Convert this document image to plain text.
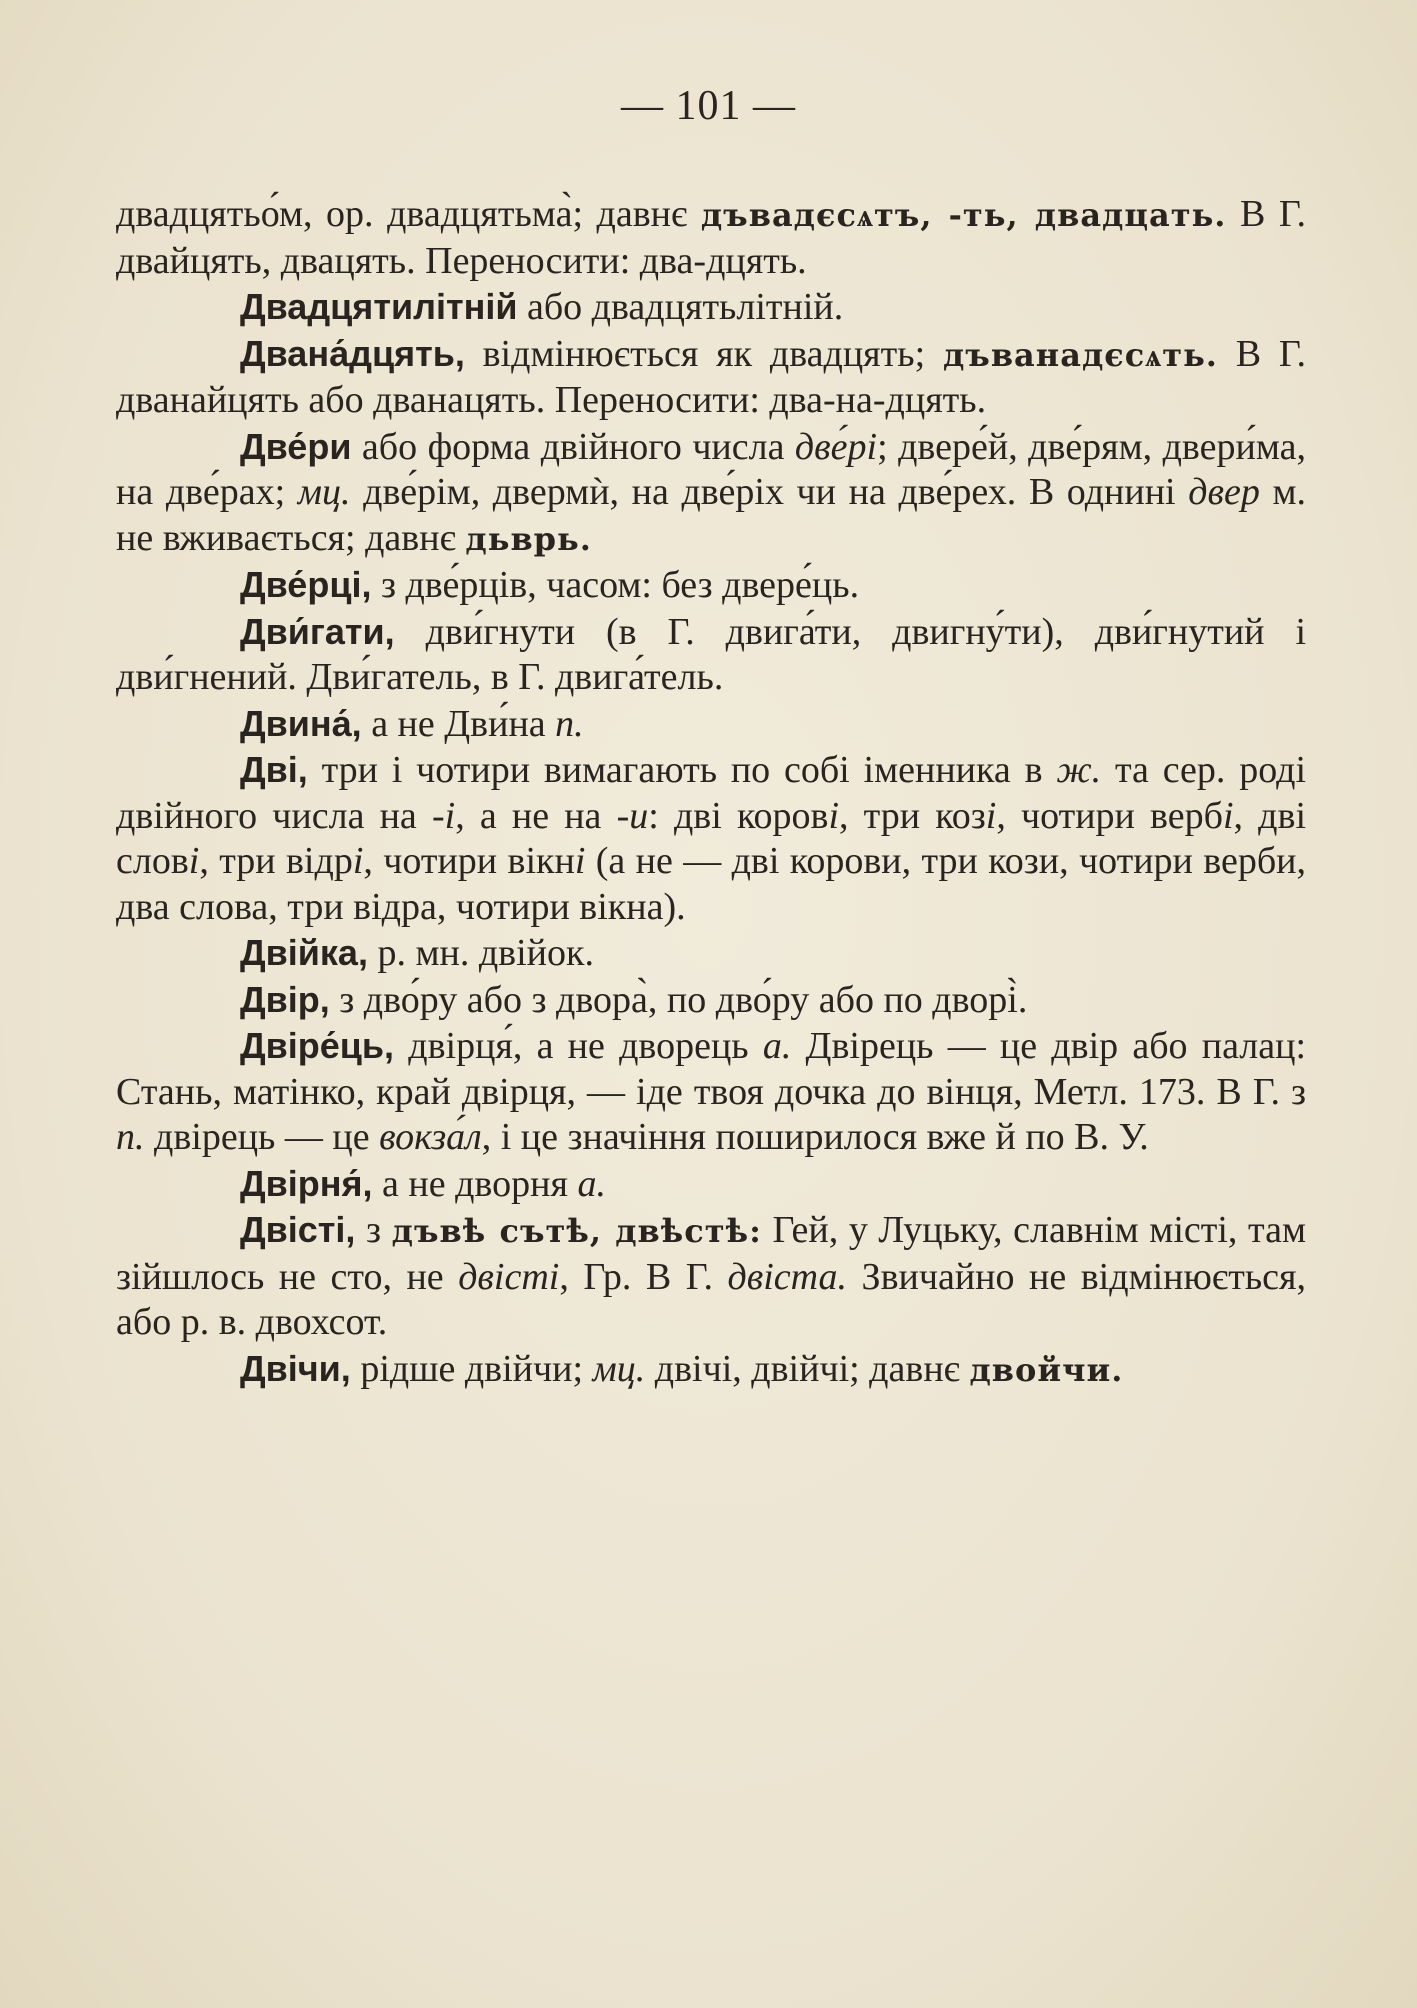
— 101 —

двадцятьо́м, ор. двадцятьма̀; давнє дъвадєсѧтъ, -ть, двадцать. В Г. двайцять, двацять. Переносити: два-дцять.

Двадцятилітній або двадцятьлітній.

Двана́дцять, відмінюється як двадцять; дъванадєсѧть. В Г. дванайцять або дванацять. Переносити: два-на-дцять.

Две́ри або форма двійного числа две́рі; двере́й, две́рям, двери́ма, на две́рах; мц. две́рім, двермѝ, на две́ріх чи на две́рех. В однині двер м. не вживається; давнє дьврь.

Две́рці, з две́рців, часом: без двере́ць.

Дви́гати, дви́гнути (в Г. двига́ти, двигну́ти), дви́гнутий і дви́гнений. Дви́гатель, в Г. двига́тель.

Двина́, а не Дви́на п.

Дві, три і чотири вимагають по собі іменника в ж. та сер. роді двійного числа на -і, а не на -и: дві корові, три козі, чотири вербі, дві слові, три відрі, чотири вікні (а не — дві корови, три кози, чотири верби, два слова, три відра, чотири вікна).

Двійка, р. мн. двійок.

Двір, з дво́ру або з двора̀, по дво́ру або по дворі̀.

Двіре́ць, двірця́, а не дворець а. Двірець — це двір або палац: Стань, матінко, край двірця, — іде твоя дочка до вінця, Метл. 173. В Г. з п. двірець — це вокза́л, і це значіння поширилося вже й по В. У.

Двірня́, а не дворня а.

Двісті, з дъвѣ сътѣ, двѣстѣ: Гей, у Луцьку, славнім місті, там зійшлось не сто, не двісті, Гр. В Г. двіста. Звичайно не відмінюється, або р. в. двохсот.

Двічи, рідше двійчи; мц. двічі, двійчі; давнє двойчи.
